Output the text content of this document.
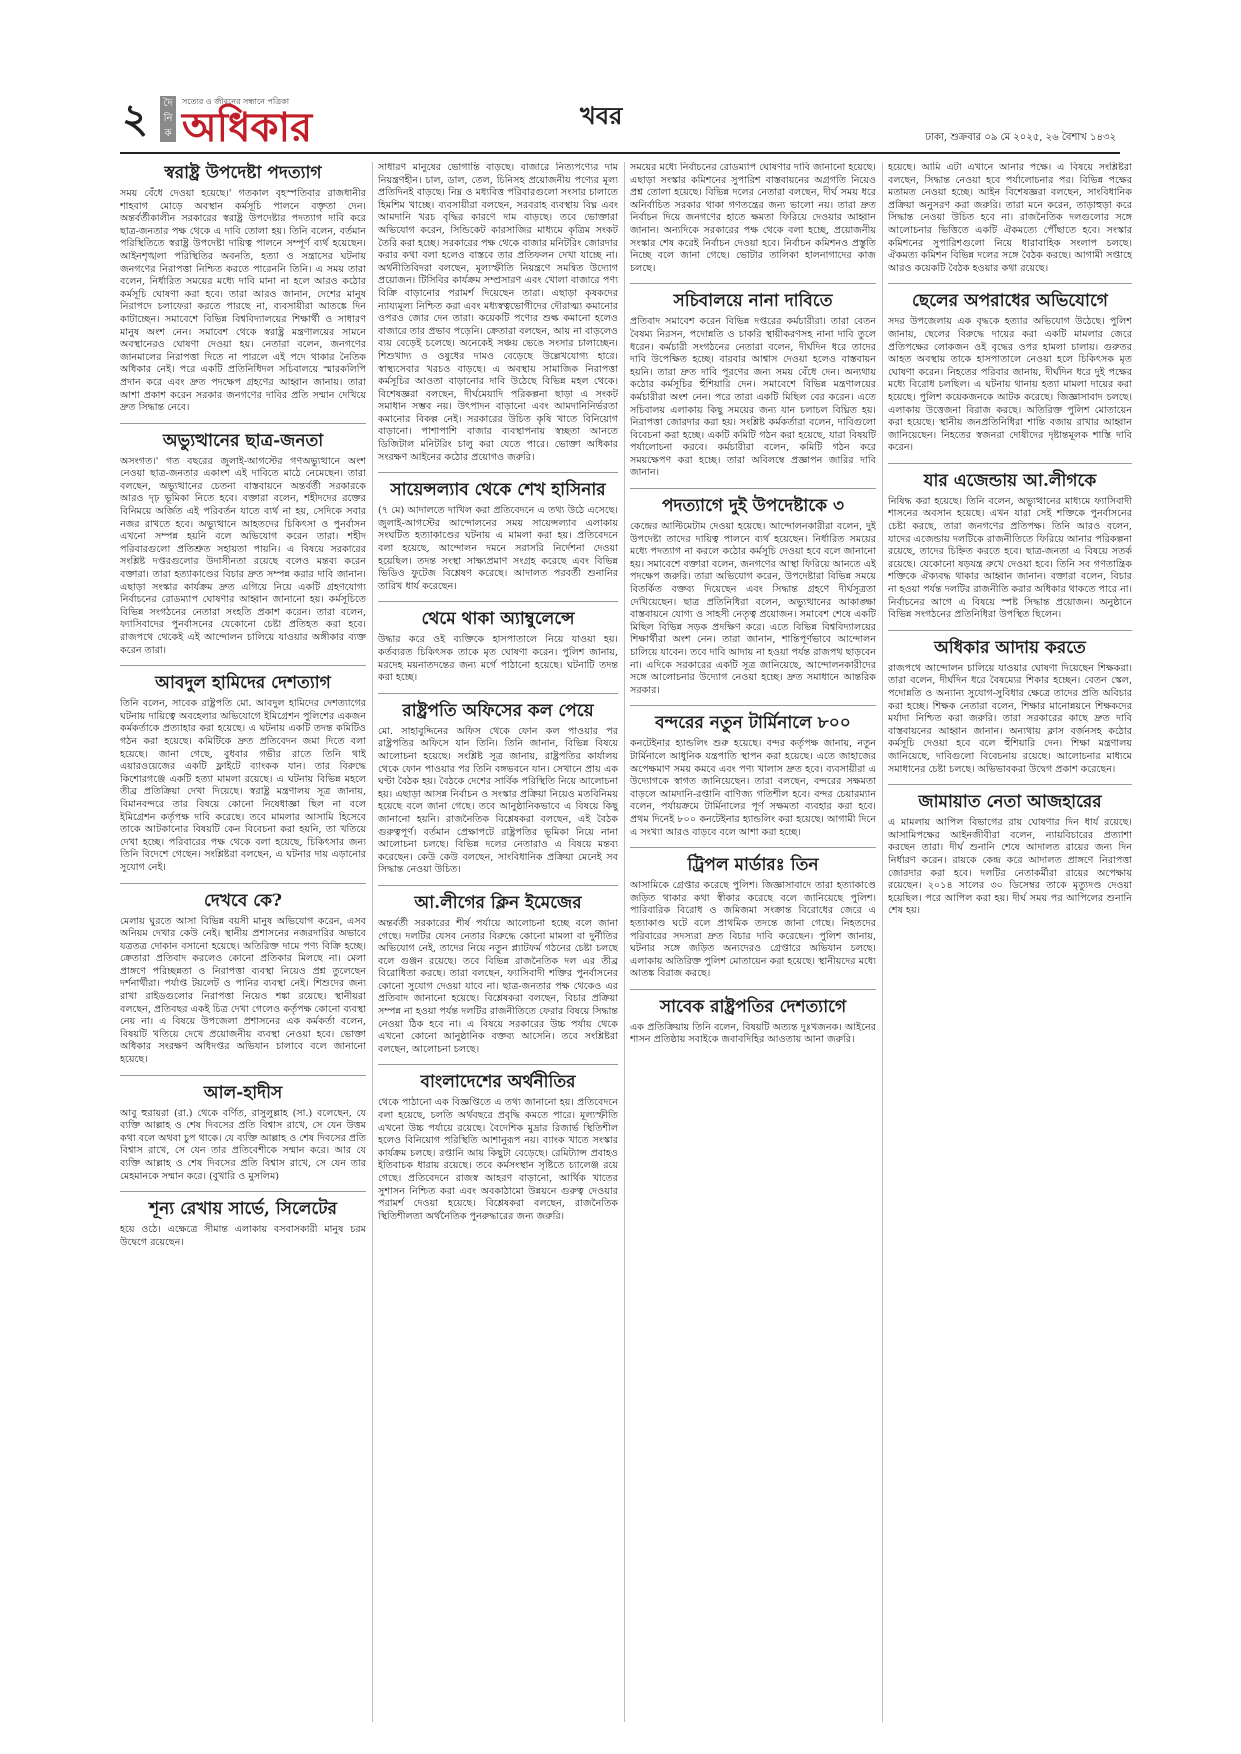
২	দৈ নি ক
সত্যের ও জীবনের সন্ধানে পত্রিকা
অধিকার	খবর
ঢাকা, শুক্রবার ০৯ মে ২০২৫, ২৬ বৈশাখ ১৪৩২
স্বরাষ্ট্র উপদেষ্টা পদত্যাগ

সময় বেঁধে দেওয়া হয়েছে।' গতকাল বৃহস্পতিবার রাজধানীর শাহবাগ মোড়ে অবস্থান কর্মসূচি পালনে বক্তৃতা দেন। অন্তর্বর্তীকালীন সরকারের স্বরাষ্ট্র উপদেষ্টার পদত্যাগ দাবি করে ছাত্র-জনতার পক্ষ থেকে এ দাবি তোলা হয়। তিনি বলেন, বর্তমান পরিস্থিতিতে স্বরাষ্ট্র উপদেষ্টা দায়িত্ব পালনে সম্পূর্ণ ব্যর্থ হয়েছেন। আইনশৃঙ্খলা পরিস্থিতির অবনতি, হত্যা ও সন্ত্রাসের ঘটনায় জনগণের নিরাপত্তা নিশ্চিত করতে পারেননি তিনি। এ সময় তারা বলেন, নির্ধারিত সময়ের মধ্যে দাবি মানা না হলে আরও কঠোর কর্মসূচি ঘোষণা করা হবে। তারা আরও জানান, দেশের মানুষ নিরাপদে চলাফেরা করতে পারছে না, ব্যবসায়ীরা আতঙ্কে দিন কাটাচ্ছেন। সমাবেশে বিভিন্ন বিশ্ববিদ্যালয়ের শিক্ষার্থী ও সাধারণ মানুষ অংশ নেন। সমাবেশ থেকে স্বরাষ্ট্র মন্ত্রণালয়ের সামনে অবস্থানেরও ঘোষণা দেওয়া হয়। নেতারা বলেন, জনগণের জানমালের নিরাপত্তা দিতে না পারলে এই পদে থাকার নৈতিক অধিকার নেই। পরে একটি প্রতিনিধিদল সচিবালয়ে স্মারকলিপি প্রদান করে এবং দ্রুত পদক্ষেপ গ্রহণের আহ্বান জানায়। তারা আশা প্রকাশ করেন সরকার জনগণের দাবির প্রতি সম্মান দেখিয়ে দ্রুত সিদ্ধান্ত নেবে।

অভ্যুত্থানের ছাত্র-জনতা

অসংগত।' গত বছরের জুলাই-আগস্টের গণঅভ্যুত্থানে অংশ নেওয়া ছাত্র-জনতার একাংশ এই দাবিতে মাঠে নেমেছেন। তারা বলছেন, অভ্যুত্থানের চেতনা বাস্তবায়নে অন্তর্বর্তী সরকারকে আরও দৃঢ় ভূমিকা নিতে হবে। বক্তারা বলেন, শহীদদের রক্তের বিনিময়ে অর্জিত এই পরিবর্তন যাতে ব্যর্থ না হয়, সেদিকে সবার নজর রাখতে হবে। অভ্যুত্থানে আহতদের চিকিৎসা ও পুনর্বাসন এখনো সম্পন্ন হয়নি বলে অভিযোগ করেন তারা। শহীদ পরিবারগুলো প্রতিশ্রুত সহায়তা পায়নি। এ বিষয়ে সরকারের সংশ্লিষ্ট দপ্তরগুলোর উদাসীনতা রয়েছে বলেও মন্তব্য করেন বক্তারা। তারা হত্যাকাণ্ডের বিচার দ্রুত সম্পন্ন করার দাবি জানান। এছাড়া সংস্কার কার্যক্রম দ্রুত এগিয়ে নিয়ে একটি গ্রহণযোগ্য নির্বাচনের রোডম্যাপ ঘোষণার আহ্বান জানানো হয়। কর্মসূচিতে বিভিন্ন সংগঠনের নেতারা সংহতি প্রকাশ করেন। তারা বলেন, ফ্যাসিবাদের পুনর্বাসনের যেকোনো চেষ্টা প্রতিহত করা হবে। রাজপথে থেকেই এই আন্দোলন চালিয়ে যাওয়ার অঙ্গীকার ব্যক্ত করেন তারা।

আবদুল হামিদের দেশত্যাগ

তিনি বলেন, সাবেক রাষ্ট্রপতি মো. আবদুল হামিদের দেশত্যাগের ঘটনায় দায়িত্বে অবহেলার অভিযোগে ইমিগ্রেশন পুলিশের একজন কর্মকর্তাকে প্রত্যাহার করা হয়েছে। এ ঘটনায় একটি তদন্ত কমিটিও গঠন করা হয়েছে। কমিটিকে দ্রুত প্রতিবেদন জমা দিতে বলা হয়েছে। জানা গেছে, বুধবার গভীর রাতে তিনি থাই এয়ারওয়েজের একটি ফ্লাইটে ব্যাংকক যান। তার বিরুদ্ধে কিশোরগঞ্জে একটি হত্যা মামলা রয়েছে। এ ঘটনায় বিভিন্ন মহলে তীব্র প্রতিক্রিয়া দেখা দিয়েছে। স্বরাষ্ট্র মন্ত্রণালয় সূত্র জানায়, বিমানবন্দরে তার বিষয়ে কোনো নিষেধাজ্ঞা ছিল না বলে ইমিগ্রেশন কর্তৃপক্ষ দাবি করেছে। তবে মামলার আসামি হিসেবে তাকে আটকানোর বিষয়টি কেন বিবেচনা করা হয়নি, তা খতিয়ে দেখা হচ্ছে। পরিবারের পক্ষ থেকে বলা হয়েছে, চিকিৎসার জন্য তিনি বিদেশে গেছেন। সংশ্লিষ্টরা বলছেন, এ ঘটনার দায় এড়ানোর সুযোগ নেই।

দেখবে কে?

মেলায় ঘুরতে আসা বিভিন্ন বয়সী মানুষ অভিযোগ করেন, এসব অনিয়ম দেখার কেউ নেই। স্থানীয় প্রশাসনের নজরদারির অভাবে যত্রতত্র দোকান বসানো হয়েছে। অতিরিক্ত দামে পণ্য বিক্রি হচ্ছে। ক্রেতারা প্রতিবাদ করলেও কোনো প্রতিকার মিলছে না। মেলা প্রাঙ্গণে পরিচ্ছন্নতা ও নিরাপত্তা ব্যবস্থা নিয়েও প্রশ্ন তুলেছেন দর্শনার্থীরা। পর্যাপ্ত টয়লেট ও পানির ব্যবস্থা নেই। শিশুদের জন্য রাখা রাইডগুলোর নিরাপত্তা নিয়েও শঙ্কা রয়েছে। স্থানীয়রা বলছেন, প্রতিবছর একই চিত্র দেখা গেলেও কর্তৃপক্ষ কোনো ব্যবস্থা নেয় না। এ বিষয়ে উপজেলা প্রশাসনের এক কর্মকর্তা বলেন, বিষয়টি খতিয়ে দেখে প্রয়োজনীয় ব্যবস্থা নেওয়া হবে। ভোক্তা অধিকার সংরক্ষণ অধিদপ্তর অভিযান চালাবে বলে জানানো হয়েছে।

আল-হাদীস

আবু হুরায়রা (রা.) থেকে বর্ণিত, রাসুলুল্লাহ (সা.) বলেছেন, যে ব্যক্তি আল্লাহ ও শেষ দিবসের প্রতি বিশ্বাস রাখে, সে যেন উত্তম কথা বলে অথবা চুপ থাকে। যে ব্যক্তি আল্লাহ ও শেষ দিবসের প্রতি বিশ্বাস রাখে, সে যেন তার প্রতিবেশীকে সম্মান করে। আর যে ব্যক্তি আল্লাহ ও শেষ দিবসের প্রতি বিশ্বাস রাখে, সে যেন তার মেহমানকে সম্মান করে। (বুখারি ও মুসলিম)

শূন্য রেখায় সার্ভে, সিলেটের

হয়ে ওঠে। এক্ষেত্রে সীমান্ত এলাকায় বসবাসকারী মানুষ চরম উদ্বেগে রয়েছেন।

সাধারণ মানুষের ভোগান্তি বাড়ছে। বাজারে নিত্যপণ্যের দাম নিয়ন্ত্রণহীন। চাল, ডাল, তেল, চিনিসহ প্রয়োজনীয় পণ্যের মূল্য প্রতিদিনই বাড়ছে। নিম্ন ও মধ্যবিত্ত পরিবারগুলো সংসার চালাতে হিমশিম খাচ্ছে। ব্যবসায়ীরা বলছেন, সরবরাহ ব্যবস্থায় বিঘ্ন এবং আমদানি খরচ বৃদ্ধির কারণে দাম বাড়ছে। তবে ভোক্তারা অভিযোগ করেন, সিন্ডিকেট কারসাজির মাধ্যমে কৃত্রিম সংকট তৈরি করা হচ্ছে। সরকারের পক্ষ থেকে বাজার মনিটরিং জোরদার করার কথা বলা হলেও বাস্তবে তার প্রতিফলন দেখা যাচ্ছে না। অর্থনীতিবিদরা বলছেন, মূল্যস্ফীতি নিয়ন্ত্রণে সমন্বিত উদ্যোগ প্রয়োজন। টিসিবির কার্যক্রম সম্প্রসারণ এবং খোলা বাজারে পণ্য বিক্রি বাড়ানোর পরামর্শ দিয়েছেন তারা। এছাড়া কৃষকদের ন্যায্যমূল্য নিশ্চিত করা এবং মধ্যস্বত্বভোগীদের দৌরাত্ম্য কমানোর ওপরও জোর দেন তারা। কয়েকটি পণ্যের শুল্ক কমানো হলেও বাজারে তার প্রভাব পড়েনি। ক্রেতারা বলছেন, আয় না বাড়লেও ব্যয় বেড়েই চলেছে। অনেকেই সঞ্চয় ভেঙে সংসার চালাচ্ছেন। শিশুখাদ্য ও ওষুধের দামও বেড়েছে উল্লেখযোগ্য হারে। স্বাস্থ্যসেবার খরচও বাড়ছে। এ অবস্থায় সামাজিক নিরাপত্তা কর্মসূচির আওতা বাড়ানোর দাবি উঠেছে বিভিন্ন মহল থেকে। বিশেষজ্ঞরা বলছেন, দীর্ঘমেয়াদি পরিকল্পনা ছাড়া এ সংকট সমাধান সম্ভব নয়। উৎপাদন বাড়ানো এবং আমদানিনির্ভরতা কমানোর বিকল্প নেই। সরকারের উচিত কৃষি খাতে বিনিয়োগ বাড়ানো। পাশাপাশি বাজার ব্যবস্থাপনায় স্বচ্ছতা আনতে ডিজিটাল মনিটরিং চালু করা যেতে পারে। ভোক্তা অধিকার সংরক্ষণ আইনের কঠোর প্রয়োগও জরুরি।

সায়েন্সল্যাব থেকে শেখ হাসিনার

(৭ মে) আদালতে দাখিল করা প্রতিবেদনে এ তথ্য উঠে এসেছে। জুলাই-আগস্টের আন্দোলনের সময় সায়েন্সল্যাব এলাকায় সংঘটিত হত্যাকাণ্ডের ঘটনায় এ মামলা করা হয়। প্রতিবেদনে বলা হয়েছে, আন্দোলন দমনে সরাসরি নির্দেশনা দেওয়া হয়েছিল। তদন্ত সংস্থা সাক্ষ্যপ্রমাণ সংগ্রহ করেছে এবং বিভিন্ন ভিডিও ফুটেজ বিশ্লেষণ করেছে। আদালত পরবর্তী শুনানির তারিখ ধার্য করেছেন।

থেমে থাকা অ্যাম্বুলেন্সে

উদ্ধার করে ওই ব্যক্তিকে হাসপাতালে নিয়ে যাওয়া হয়। কর্তব্যরত চিকিৎসক তাকে মৃত ঘোষণা করেন। পুলিশ জানায়, মরদেহ ময়নাতদন্তের জন্য মর্গে পাঠানো হয়েছে। ঘটনাটি তদন্ত করা হচ্ছে।

রাষ্ট্রপতি অফিসের কল পেয়ে

মো. সাহাবুদ্দিনের অফিস থেকে ফোন কল পাওয়ার পর রাষ্ট্রপতির অফিসে যান তিনি। তিনি জানান, বিভিন্ন বিষয়ে আলোচনা হয়েছে। সংশ্লিষ্ট সূত্র জানায়, রাষ্ট্রপতির কার্যালয় থেকে ফোন পাওয়ার পর তিনি বঙ্গভবনে যান। সেখানে প্রায় এক ঘণ্টা বৈঠক হয়। বৈঠকে দেশের সার্বিক পরিস্থিতি নিয়ে আলোচনা হয়। এছাড়া আসন্ন নির্বাচন ও সংস্কার প্রক্রিয়া নিয়েও মতবিনিময় হয়েছে বলে জানা গেছে। তবে আনুষ্ঠানিকভাবে এ বিষয়ে কিছু জানানো হয়নি। রাজনৈতিক বিশ্লেষকরা বলছেন, এই বৈঠক গুরুত্বপূর্ণ। বর্তমান প্রেক্ষাপটে রাষ্ট্রপতির ভূমিকা নিয়ে নানা আলোচনা চলছে। বিভিন্ন দলের নেতারাও এ বিষয়ে মন্তব্য করেছেন। কেউ কেউ বলছেন, সাংবিধানিক প্রক্রিয়া মেনেই সব সিদ্ধান্ত নেওয়া উচিত।

আ.লীগের ক্লিন ইমেজের

অন্তর্বর্তী সরকারের শীর্ষ পর্যায়ে আলোচনা হচ্ছে বলে জানা গেছে। দলটির যেসব নেতার বিরুদ্ধে কোনো মামলা বা দুর্নীতির অভিযোগ নেই, তাদের নিয়ে নতুন প্ল্যাটফর্ম গঠনের চেষ্টা চলছে বলে গুঞ্জন রয়েছে। তবে বিভিন্ন রাজনৈতিক দল এর তীব্র বিরোধিতা করছে। তারা বলছেন, ফ্যাসিবাদী শক্তির পুনর্বাসনের কোনো সুযোগ দেওয়া যাবে না। ছাত্র-জনতার পক্ষ থেকেও এর প্রতিবাদ জানানো হয়েছে। বিশ্লেষকরা বলছেন, বিচার প্রক্রিয়া সম্পন্ন না হওয়া পর্যন্ত দলটির রাজনীতিতে ফেরার বিষয়ে সিদ্ধান্ত নেওয়া ঠিক হবে না। এ বিষয়ে সরকারের উচ্চ পর্যায় থেকে এখনো কোনো আনুষ্ঠানিক বক্তব্য আসেনি। তবে সংশ্লিষ্টরা বলছেন, আলোচনা চলছে।

বাংলাদেশের অর্থনীতির

থেকে পাঠানো এক বিজ্ঞপ্তিতে এ তথ্য জানানো হয়। প্রতিবেদনে বলা হয়েছে, চলতি অর্থবছরে প্রবৃদ্ধি কমতে পারে। মূল্যস্ফীতি এখনো উচ্চ পর্যায়ে রয়েছে। বৈদেশিক মুদ্রার রিজার্ভ স্থিতিশীল হলেও বিনিয়োগ পরিস্থিতি আশানুরূপ নয়। ব্যাংক খাতে সংস্কার কার্যক্রম চলছে। রপ্তানি আয় কিছুটা বেড়েছে। রেমিট্যান্স প্রবাহও ইতিবাচক ধারায় রয়েছে। তবে কর্মসংস্থান সৃষ্টিতে চ্যালেঞ্জ রয়ে গেছে। প্রতিবেদনে রাজস্ব আহরণ বাড়ানো, আর্থিক খাতের সুশাসন নিশ্চিত করা এবং অবকাঠামো উন্নয়নে গুরুত্ব দেওয়ার পরামর্শ দেওয়া হয়েছে। বিশ্লেষকরা বলছেন, রাজনৈতিক স্থিতিশীলতা অর্থনৈতিক পুনরুদ্ধারের জন্য জরুরি।

সময়ের মধ্যে নির্বাচনের রোডম্যাপ ঘোষণার দাবি জানানো হয়েছে। এছাড়া সংস্কার কমিশনের সুপারিশ বাস্তবায়নের অগ্রগতি নিয়েও প্রশ্ন তোলা হয়েছে। বিভিন্ন দলের নেতারা বলছেন, দীর্ঘ সময় ধরে অনির্বাচিত সরকার থাকা গণতন্ত্রের জন্য ভালো নয়। তারা দ্রুত নির্বাচন দিয়ে জনগণের হাতে ক্ষমতা ফিরিয়ে দেওয়ার আহ্বান জানান। অন্যদিকে সরকারের পক্ষ থেকে বলা হচ্ছে, প্রয়োজনীয় সংস্কার শেষ করেই নির্বাচন দেওয়া হবে। নির্বাচন কমিশনও প্রস্তুতি নিচ্ছে বলে জানা গেছে। ভোটার তালিকা হালনাগাদের কাজ চলছে।

সচিবালয়ে নানা দাবিতে

প্রতিবাদ সমাবেশ করেন বিভিন্ন দপ্তরের কর্মচারীরা। তারা বেতন বৈষম্য নিরসন, পদোন্নতি ও চাকরি স্থায়ীকরণসহ নানা দাবি তুলে ধরেন। কর্মচারী সংগঠনের নেতারা বলেন, দীর্ঘদিন ধরে তাদের দাবি উপেক্ষিত হচ্ছে। বারবার আশ্বাস দেওয়া হলেও বাস্তবায়ন হয়নি। তারা দ্রুত দাবি পূরণের জন্য সময় বেঁধে দেন। অন্যথায় কঠোর কর্মসূচির হুঁশিয়ারি দেন। সমাবেশে বিভিন্ন মন্ত্রণালয়ের কর্মচারীরা অংশ নেন। পরে তারা একটি মিছিল বের করেন। এতে সচিবালয় এলাকায় কিছু সময়ের জন্য যান চলাচল বিঘ্নিত হয়। নিরাপত্তা জোরদার করা হয়। সংশ্লিষ্ট কর্মকর্তারা বলেন, দাবিগুলো বিবেচনা করা হচ্ছে। একটি কমিটি গঠন করা হয়েছে, যারা বিষয়টি পর্যালোচনা করবে। কর্মচারীরা বলেন, কমিটি গঠন করে সময়ক্ষেপণ করা হচ্ছে। তারা অবিলম্বে প্রজ্ঞাপন জারির দাবি জানান।

পদত্যাগে দুই উপদেষ্টাকে ৩

কেন্দ্রের আল্টিমেটাম দেওয়া হয়েছে। আন্দোলনকারীরা বলেন, দুই উপদেষ্টা তাদের দায়িত্ব পালনে ব্যর্থ হয়েছেন। নির্ধারিত সময়ের মধ্যে পদত্যাগ না করলে কঠোর কর্মসূচি দেওয়া হবে বলে জানানো হয়। সমাবেশে বক্তারা বলেন, জনগণের আস্থা ফিরিয়ে আনতে এই পদক্ষেপ জরুরি। তারা অভিযোগ করেন, উপদেষ্টারা বিভিন্ন সময়ে বিতর্কিত বক্তব্য দিয়েছেন এবং সিদ্ধান্ত গ্রহণে দীর্ঘসূত্রতা দেখিয়েছেন। ছাত্র প্রতিনিধিরা বলেন, অভ্যুত্থানের আকাঙ্ক্ষা বাস্তবায়নে যোগ্য ও সাহসী নেতৃত্ব প্রয়োজন। সমাবেশ শেষে একটি মিছিল বিভিন্ন সড়ক প্রদক্ষিণ করে। এতে বিভিন্ন বিশ্ববিদ্যালয়ের শিক্ষার্থীরা অংশ নেন। তারা জানান, শান্তিপূর্ণভাবে আন্দোলন চালিয়ে যাবেন। তবে দাবি আদায় না হওয়া পর্যন্ত রাজপথ ছাড়বেন না। এদিকে সরকারের একটি সূত্র জানিয়েছে, আন্দোলনকারীদের সঙ্গে আলোচনার উদ্যোগ নেওয়া হচ্ছে। দ্রুত সমাধানে আন্তরিক সরকার।

বন্দরের নতুন টার্মিনালে ৮০০

কনটেইনার হ্যান্ডলিং শুরু হয়েছে। বন্দর কর্তৃপক্ষ জানায়, নতুন টার্মিনালে আধুনিক যন্ত্রপাতি স্থাপন করা হয়েছে। এতে জাহাজের অপেক্ষমাণ সময় কমবে এবং পণ্য খালাস দ্রুত হবে। ব্যবসায়ীরা এ উদ্যোগকে স্বাগত জানিয়েছেন। তারা বলছেন, বন্দরের সক্ষমতা বাড়লে আমদানি-রপ্তানি বাণিজ্য গতিশীল হবে। বন্দর চেয়ারম্যান বলেন, পর্যায়ক্রমে টার্মিনালের পূর্ণ সক্ষমতা ব্যবহার করা হবে। প্রথম দিনেই ৮০০ কনটেইনার হ্যান্ডলিং করা হয়েছে। আগামী দিনে এ সংখ্যা আরও বাড়বে বলে আশা করা হচ্ছে।

ট্রিপল মার্ডারঃ তিন

আসামিকে গ্রেপ্তার করেছে পুলিশ। জিজ্ঞাসাবাদে তারা হত্যাকাণ্ডে জড়িত থাকার কথা স্বীকার করেছে বলে জানিয়েছে পুলিশ। পারিবারিক বিরোধ ও জমিজমা সংক্রান্ত বিরোধের জেরে এ হত্যাকাণ্ড ঘটে বলে প্রাথমিক তদন্তে জানা গেছে। নিহতদের পরিবারের সদস্যরা দ্রুত বিচার দাবি করেছেন। পুলিশ জানায়, ঘটনার সঙ্গে জড়িত অন্যদেরও গ্রেপ্তারে অভিযান চলছে। এলাকায় অতিরিক্ত পুলিশ মোতায়েন করা হয়েছে। স্থানীয়দের মধ্যে আতঙ্ক বিরাজ করছে।

সাবেক রাষ্ট্রপতির দেশত্যাগে

এক প্রতিক্রিয়ায় তিনি বলেন, বিষয়টি অত্যন্ত দুঃখজনক। আইনের শাসন প্রতিষ্ঠায় সবাইকে জবাবদিহির আওতায় আনা জরুরি।

হয়েছে। আমি এটা এখানে আনার পক্ষে। এ বিষয়ে সংশ্লিষ্টরা বলছেন, সিদ্ধান্ত নেওয়া হবে পর্যালোচনার পর। বিভিন্ন পক্ষের মতামত নেওয়া হচ্ছে। আইন বিশেষজ্ঞরা বলছেন, সাংবিধানিক প্রক্রিয়া অনুসরণ করা জরুরি। তারা মনে করেন, তাড়াহুড়া করে সিদ্ধান্ত নেওয়া উচিত হবে না। রাজনৈতিক দলগুলোর সঙ্গে আলোচনার ভিত্তিতে একটি ঐকমত্যে পৌঁছাতে হবে। সংস্কার কমিশনের সুপারিশগুলো নিয়ে ধারাবাহিক সংলাপ চলছে। ঐকমত্য কমিশন বিভিন্ন দলের সঙ্গে বৈঠক করছে। আগামী সপ্তাহে আরও কয়েকটি বৈঠক হওয়ার কথা রয়েছে।

ছেলের অপরাধের অভিযোগে

সদর উপজেলায় এক বৃদ্ধকে হত্যার অভিযোগ উঠেছে। পুলিশ জানায়, ছেলের বিরুদ্ধে দায়ের করা একটি মামলার জেরে প্রতিপক্ষের লোকজন ওই বৃদ্ধের ওপর হামলা চালায়। গুরুতর আহত অবস্থায় তাকে হাসপাতালে নেওয়া হলে চিকিৎসক মৃত ঘোষণা করেন। নিহতের পরিবার জানায়, দীর্ঘদিন ধরে দুই পক্ষের মধ্যে বিরোধ চলছিল। এ ঘটনায় থানায় হত্যা মামলা দায়ের করা হয়েছে। পুলিশ কয়েকজনকে আটক করেছে। জিজ্ঞাসাবাদ চলছে। এলাকায় উত্তেজনা বিরাজ করছে। অতিরিক্ত পুলিশ মোতায়েন করা হয়েছে। স্থানীয় জনপ্রতিনিধিরা শান্তি বজায় রাখার আহ্বান জানিয়েছেন। নিহতের স্বজনরা দোষীদের দৃষ্টান্তমূলক শাস্তি দাবি করেন।

যার এজেন্ডায় আ.লীগকে

নিষিদ্ধ করা হয়েছে। তিনি বলেন, অভ্যুত্থানের মাধ্যমে ফ্যাসিবাদী শাসনের অবসান হয়েছে। এখন যারা সেই শক্তিকে পুনর্বাসনের চেষ্টা করছে, তারা জনগণের প্রতিপক্ষ। তিনি আরও বলেন, যাদের এজেন্ডায় দলটিকে রাজনীতিতে ফিরিয়ে আনার পরিকল্পনা রয়েছে, তাদের চিহ্নিত করতে হবে। ছাত্র-জনতা এ বিষয়ে সতর্ক রয়েছে। যেকোনো ষড়যন্ত্র রুখে দেওয়া হবে। তিনি সব গণতান্ত্রিক শক্তিকে ঐক্যবদ্ধ থাকার আহ্বান জানান। বক্তারা বলেন, বিচার না হওয়া পর্যন্ত দলটির রাজনীতি করার অধিকার থাকতে পারে না। নির্বাচনের আগে এ বিষয়ে স্পষ্ট সিদ্ধান্ত প্রয়োজন। অনুষ্ঠানে বিভিন্ন সংগঠনের প্রতিনিধিরা উপস্থিত ছিলেন।

অধিকার আদায় করতে

রাজপথে আন্দোলন চালিয়ে যাওয়ার ঘোষণা দিয়েছেন শিক্ষকরা। তারা বলেন, দীর্ঘদিন ধরে বৈষম্যের শিকার হচ্ছেন। বেতন স্কেল, পদোন্নতি ও অন্যান্য সুযোগ-সুবিধার ক্ষেত্রে তাদের প্রতি অবিচার করা হচ্ছে। শিক্ষক নেতারা বলেন, শিক্ষার মানোন্নয়নে শিক্ষকদের মর্যাদা নিশ্চিত করা জরুরি। তারা সরকারের কাছে দ্রুত দাবি বাস্তবায়নের আহ্বান জানান। অন্যথায় ক্লাস বর্জনসহ কঠোর কর্মসূচি দেওয়া হবে বলে হুঁশিয়ারি দেন। শিক্ষা মন্ত্রণালয় জানিয়েছে, দাবিগুলো বিবেচনায় রয়েছে। আলোচনার মাধ্যমে সমাধানের চেষ্টা চলছে। অভিভাবকরা উদ্বেগ প্রকাশ করেছেন।

জামায়াত নেতা আজহারের

এ মামলায় আপিল বিভাগের রায় ঘোষণার দিন ধার্য রয়েছে। আসামিপক্ষের আইনজীবীরা বলেন, ন্যায়বিচারের প্রত্যাশা করছেন তারা। দীর্ঘ শুনানি শেষে আদালত রায়ের জন্য দিন নির্ধারণ করেন। রায়কে কেন্দ্র করে আদালত প্রাঙ্গণে নিরাপত্তা জোরদার করা হবে। দলটির নেতাকর্মীরা রায়ের অপেক্ষায় রয়েছেন। ২০১৪ সালের ৩০ ডিসেম্বর তাকে মৃত্যুদণ্ড দেওয়া হয়েছিল। পরে আপিল করা হয়। দীর্ঘ সময় পর আপিলের শুনানি শেষ হয়।
